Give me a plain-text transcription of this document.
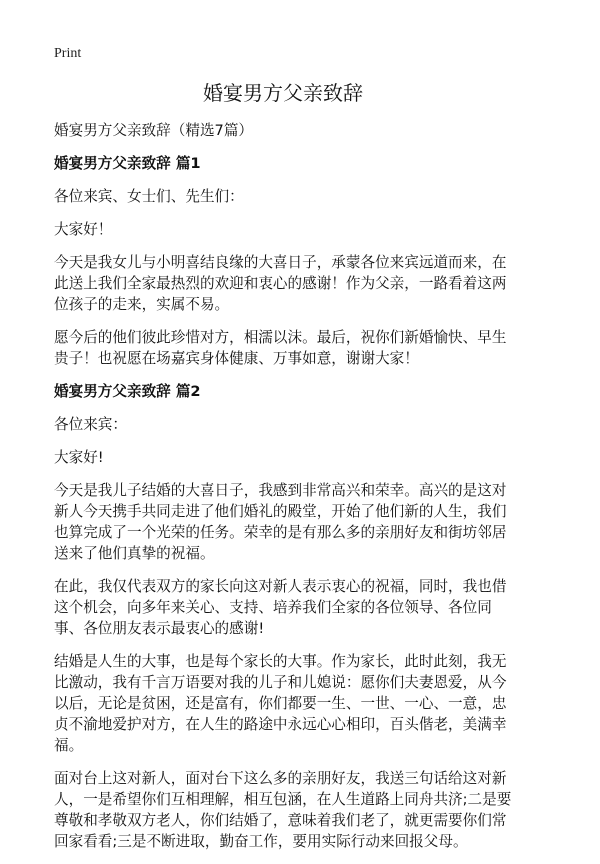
Print
婚宴男方父亲致辞

婚宴男方父亲致辞（精选7篇）

婚宴男方父亲致辞 篇1

各位来宾、女士们、先生们：

大家好！

今天是我女儿与小明喜结良缘的大喜日子，承蒙各位来宾远道而来，在此送上我们全家最热烈的欢迎和衷心的感谢！作为父亲，一路看着这两位孩子的走来，实属不易。

愿今后的他们彼此珍惜对方，相濡以沫。最后，祝你们新婚愉快、早生贵子！也祝愿在场嘉宾身体健康、万事如意，谢谢大家！

婚宴男方父亲致辞 篇2

各位来宾：

大家好!

今天是我儿子结婚的大喜日子，我感到非常高兴和荣幸。高兴的是这对新人今天携手共同走进了他们婚礼的殿堂，开始了他们新的人生，我们也算完成了一个光荣的任务。荣幸的是有那么多的亲朋好友和街坊邻居送来了他们真挚的祝福。

在此，我仅代表双方的家长向这对新人表示衷心的祝福，同时，我也借这个机会，向多年来关心、支持、培养我们全家的各位领导、各位同事、各位朋友表示最衷心的感谢!

结婚是人生的大事，也是每个家长的大事。作为家长，此时此刻，我无比激动，我有千言万语要对我的儿子和儿媳说：愿你们夫妻恩爱，从今以后，无论是贫困，还是富有，你们都要一生、一世、一心、一意，忠贞不渝地爱护对方，在人生的路途中永远心心相印，百头偕老，美满幸福。

面对台上这对新人，面对台下这么多的亲朋好友，我送三句话给这对新人，一是希望你们互相理解，相互包涵，在人生道路上同舟共济;二是要尊敬和孝敬双方老人，你们结婚了，意味着我们老了，就更需要你们常回家看看;三是不断进取，勤奋工作，要用实际行动来回报父母。
